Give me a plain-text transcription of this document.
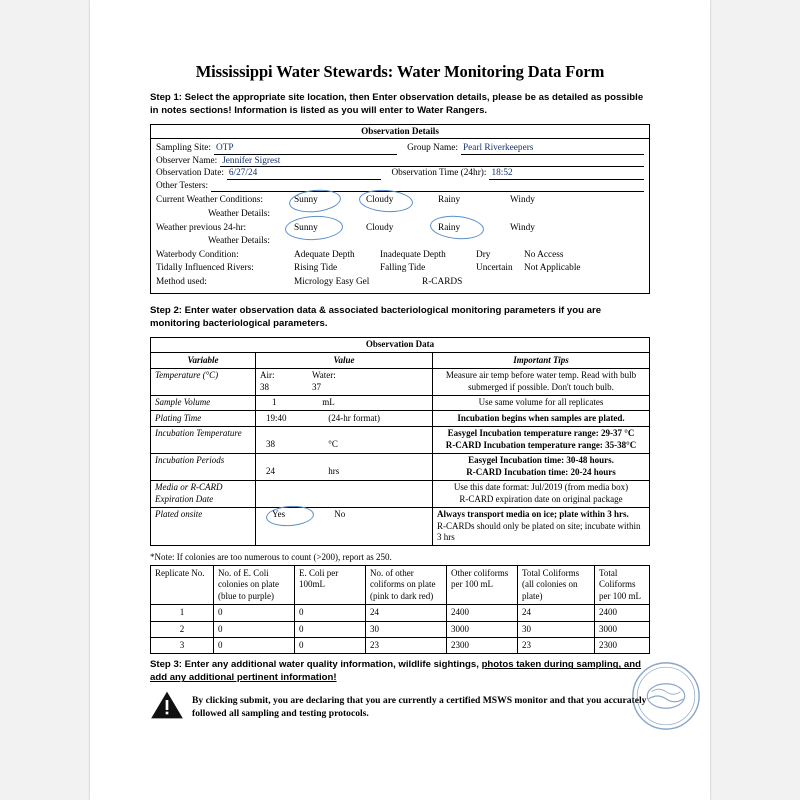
Mississippi Water Stewards: Water Monitoring Data Form
Step 1: Select the appropriate site location, then Enter observation details, please be as detailed as possible in notes sections! Information is listed as you will enter to Water Rangers.
Observation Details

Sampling Site: OTP	Group Name: Pearl Riverkeepers
Observer Name: Jennifer Sigrest
Observation Date: 6/27/24	Observation Time (24hr): 18:52
Other Testers:
Current Weather Conditions:	Sunny	Cloudy	Rainy	Windy
Weather Details:
Weather previous 24-hr:	Sunny	Cloudy	Rainy	Windy
Weather Details:
Waterbody Condition:	Adequate Depth	Inadequate Depth	Dry	No Access
Tidally Influenced Rivers:	Rising Tide	Falling Tide	Uncertain	Not Applicable
Method used:	Micrology Easy Gel	R-CARDS
Step 2: Enter water observation data & associated bacteriological monitoring parameters if you are monitoring bacteriological parameters.
Observation Data		
Variable	Value	Important Tips
Temperature (°C)	Air:
38
Water:
37	Measure air temp before water temp. Read with bulb submerged if possible. Don't touch bulb.
Sample Volume	1 mL	Use same volume for all replicates
Plating Time	19:40 (24-hr format)	Incubation begins when samples are plated.
Incubation Temperature	38 °C	Easygel Incubation temperature range: 29-37 °C
R-CARD Incubation temperature range: 35-38°C

Incubation Periods	24 hrs	Easygel Incubation time: 30-48 hours.
R-CARD Incubation time: 20-24 hours

Media or R-CARD Expiration Date		Use this date format: Jul/2019 (from media box)
R-CARD expiration date on original package

Plated onsite	Yes No	Always transport media on ice; plate within 3 hrs.
R-CARDs should only be plated on site; incubate within 3 hrs
*Note: If colonies are too numerous to count (>200), report as 250.
Replicate No.	No. of E. Coli colonies on plate (blue to purple)	E. Coli per 100mL	No. of other coliforms on plate (pink to dark red)	Other coliforms per 100 mL	Total Coliforms (all colonies on plate)	Total Coliforms per 100 mL
1	0	0	24	2400	24	2400
2	0	0	30	3000	30	3000
3	0	0	23	2300	23	2300
Step 3: Enter any additional water quality information, wildlife sightings, photos taken during sampling, and add any additional pertinent information!
By clicking submit, you are declaring that you are currently a certified MSWS monitor and that you accurately followed all sampling and testing protocols.
